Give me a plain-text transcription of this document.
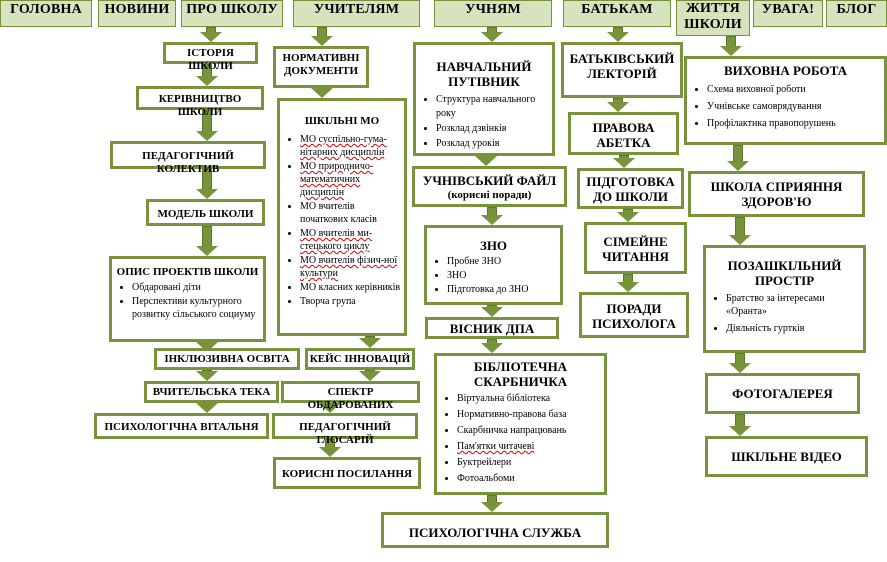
ГОЛОВНА	НОВИНИ	ПРО ШКОЛУ	УЧИТЕЛЯМ	УЧНЯМ	БАТЬКАМ	ЖИТТЯ ШКОЛИ
УВАГА!	БЛОГ
ІСТОРІЯ ШКОЛИ
КЕРІВНИЦТВО ШКОЛИ
ПЕДАГОГІЧНИЙ КОЛЕКТИВ
МОДЕЛЬ ШКОЛИ
ОПИС ПРОЕКТІВ ШКОЛИ
• Обдаровані діти
• Перспективи культурного розвитку сільського социуму
ІНКЛЮЗИВНА ОСВІТА
ВЧИТЕЛЬСЬКА ТЕКА
ПСИХОЛОГІЧНА ВІТАЛЬНЯ
НОРМАТИВНІ ДОКУМЕНТИ
ШКІЛЬНІ МО
• МО суспільно-гума-нітарних дисциплін
• МО природничо-математичних дисциплін
• МО вчителів початкових класів
• МО вчителів ми-стецького циклу
• МО вчителів фізич-ної культури
• МО класних керівників
• Творча група
КЕЙС ІННОВАЦІЙ
СПЕКТР ОБДАРОВАНИХ
ПЕДАГОГІЧНИЙ ГЛОСАРІЙ
КОРИСНІ ПОСИЛАННЯ
НАВЧАЛЬНИЙ ПУТІВНИК
• Структура навчального року
• Розклад дзвінків
• Розклад уроків
УЧНІВСЬКИЙ ФАЙЛ
(корисні поради)
ЗНО
• Пробне ЗНО
• ЗНО
• Підготовка до ЗНО
ВІСНИК ДПА
БІБЛІОТЕЧНА СКАРБНИЧКА
• Віртуальна бібліотека
• Нормативно-правова база
• Скарбничка напрацювань
• Пам'ятки читачеві
• Буктрейлери
• Фотоальбоми
ПСИХОЛОГІЧНА СЛУЖБА
БАТЬКІВСЬКИЙ ЛЕКТОРІЙ
ПРАВОВА АБЕТКА
ПІДГОТОВКА ДО ШКОЛИ
СІМЕЙНЕ ЧИТАННЯ
ПОРАДИ ПСИХОЛОГА
ВИХОВНА РОБОТА
• Схема виховної роботи
• Учнівське самоврядування
• Профілактика правопорушень
ШКОЛА СПРИЯННЯ ЗДОРОВ'Ю
ПОЗАШКІЛЬНИЙ ПРОСТІР
• Братство за інтересами «Оранта»
• Діяльність гуртків
ФОТОГАЛЕРЕЯ
ШКІЛЬНЕ ВІДЕО
